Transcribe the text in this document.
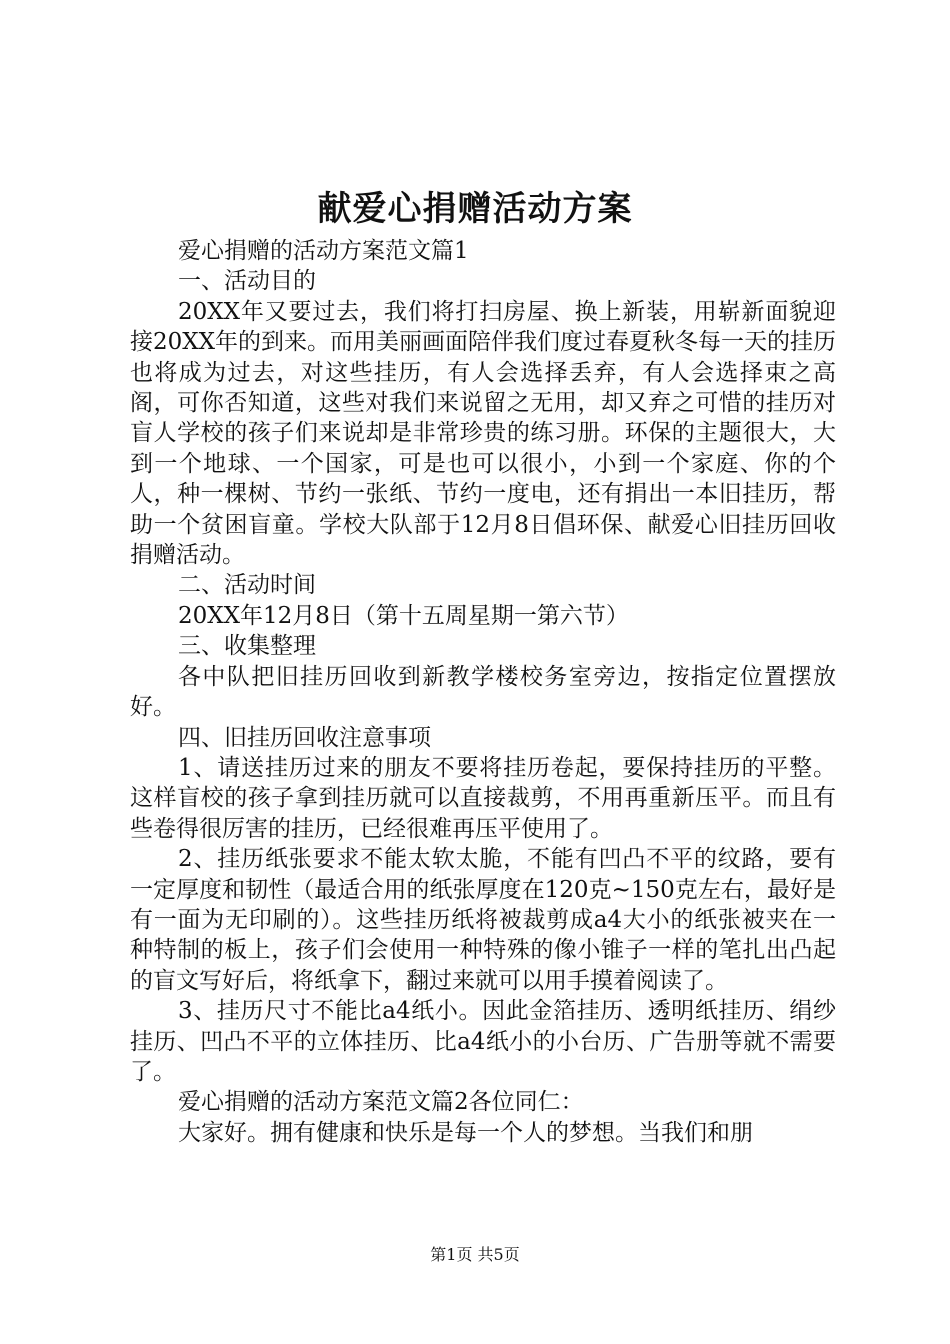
献爱心捐赠活动方案

爱心捐赠的活动方案范文篇1

一、活动目的

20XX年又要过去，我们将打扫房屋、换上新装，用崭新面貌迎接20XX年的到来。而用美丽画面陪伴我们度过春夏秋冬每一天的挂历也将成为过去，对这些挂历，有人会选择丢弃，有人会选择束之高阁，可你否知道，这些对我们来说留之无用，却又弃之可惜的挂历对盲人学校的孩子们来说却是非常珍贵的练习册。环保的主题很大，大到一个地球、一个国家，可是也可以很小，小到一个家庭、你的个人，种一棵树、节约一张纸、节约一度电，还有捐出一本旧挂历，帮助一个贫困盲童。学校大队部于12月8日倡环保、献爱心旧挂历回收捐赠活动。

二、活动时间

20XX年12月8日（第十五周星期一第六节）

三、收集整理

各中队把旧挂历回收到新教学楼校务室旁边，按指定位置摆放好。

四、旧挂历回收注意事项

1、请送挂历过来的朋友不要将挂历卷起，要保持挂历的平整。这样盲校的孩子拿到挂历就可以直接裁剪，不用再重新压平。而且有些卷得很厉害的挂历，已经很难再压平使用了。

2、挂历纸张要求不能太软太脆，不能有凹凸不平的纹路，要有一定厚度和韧性（最适合用的纸张厚度在120克~150克左右，最好是有一面为无印刷的）。这些挂历纸将被裁剪成a4大小的纸张被夹在一种特制的板上，孩子们会使用一种特殊的像小锥子一样的笔扎出凸起的盲文写好后，将纸拿下，翻过来就可以用手摸着阅读了。

3、挂历尺寸不能比a4纸小。因此金箔挂历、透明纸挂历、绢纱挂历、凹凸不平的立体挂历、比a4纸小的小台历、广告册等就不需要了。

爱心捐赠的活动方案范文篇2各位同仁：

大家好。拥有健康和快乐是每一个人的梦想。当我们和朋

第1页 共5页
